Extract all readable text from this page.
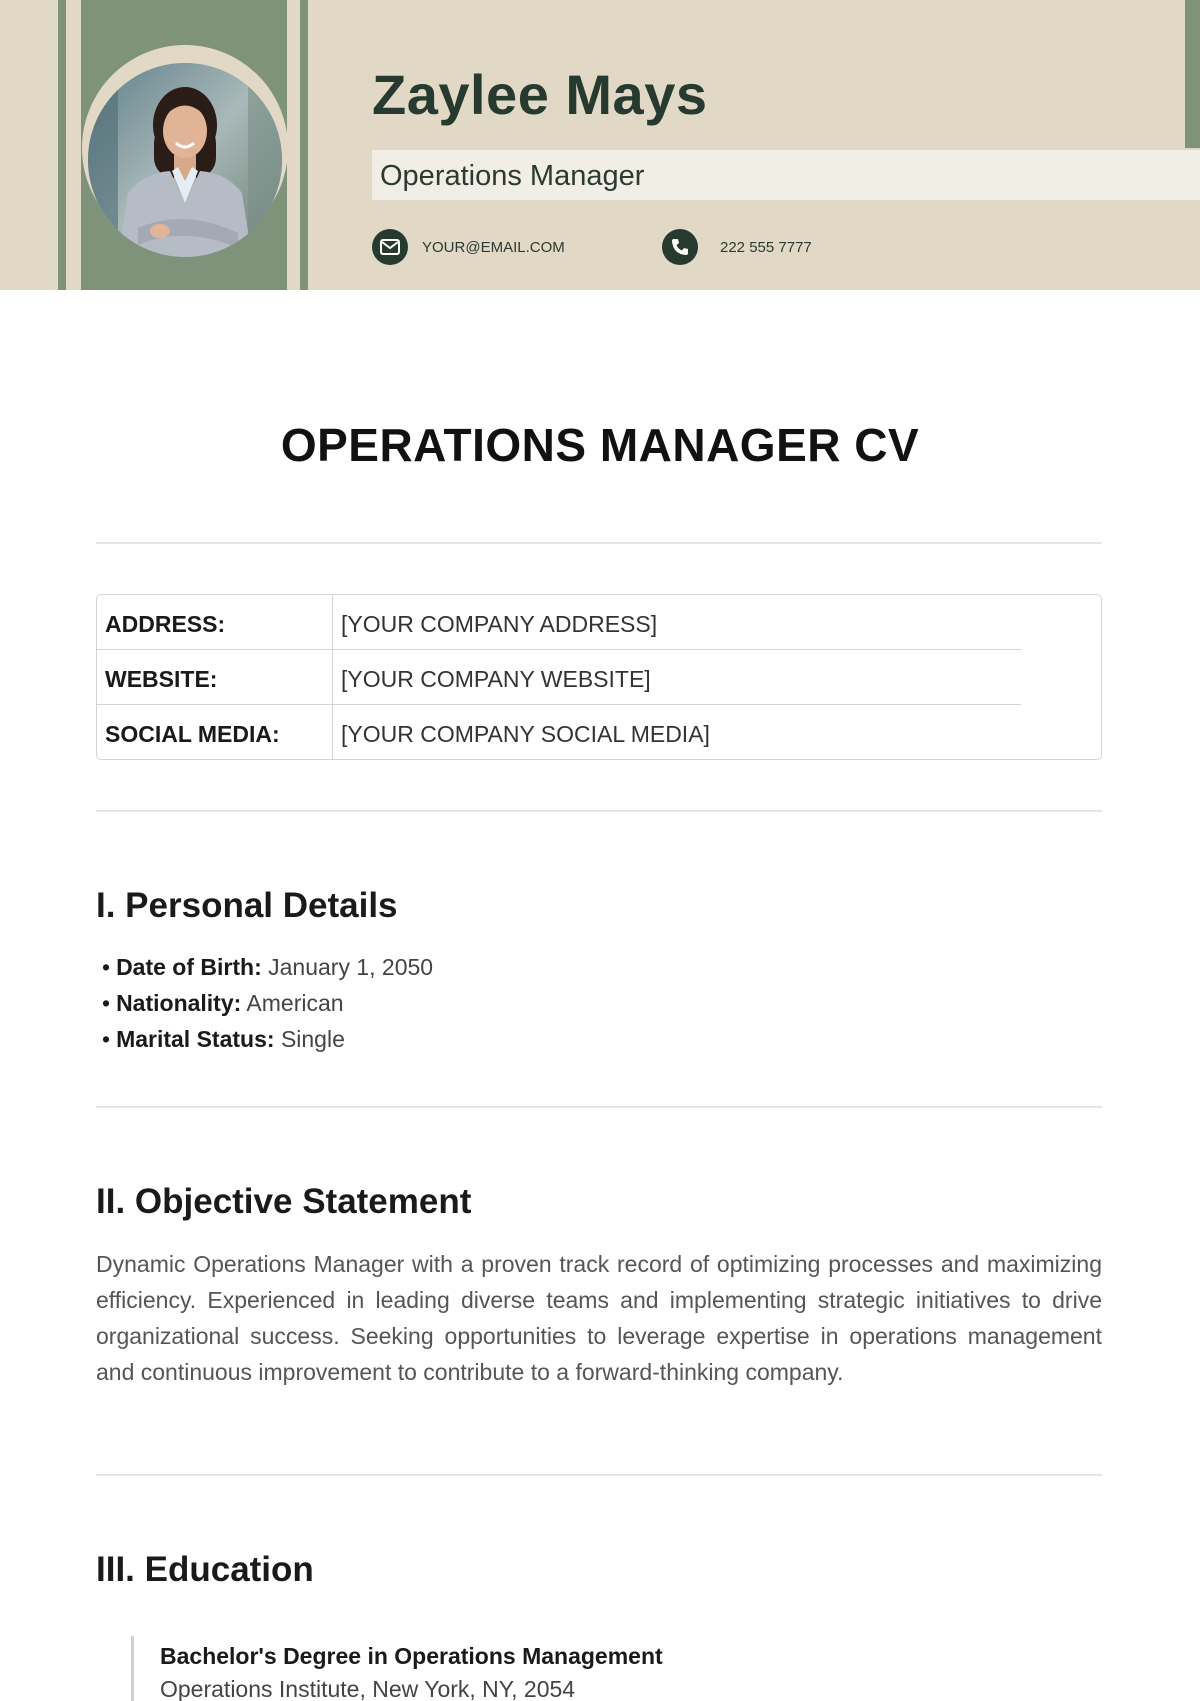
Zaylee Mays
Operations Manager
YOUR@EMAIL.COM	222 555 7777
OPERATIONS MANAGER CV
ADDRESS:	[YOUR COMPANY ADDRESS]
WEBSITE:	[YOUR COMPANY WEBSITE]
SOCIAL MEDIA:	[YOUR COMPANY SOCIAL MEDIA]
I. Personal Details
• Date of Birth: January 1, 2050
• Nationality: American
• Marital Status: Single
II. Objective Statement

Dynamic Operations Manager with a proven track record of optimizing processes and maximizing efficiency. Experienced in leading diverse teams and implementing strategic initiatives to drive organizational success. Seeking opportunities to leverage expertise in operations management and continuous improvement to contribute to a forward-thinking company.

III. Education
Bachelor's Degree in Operations Management
Operations Institute, New York, NY, 2054
